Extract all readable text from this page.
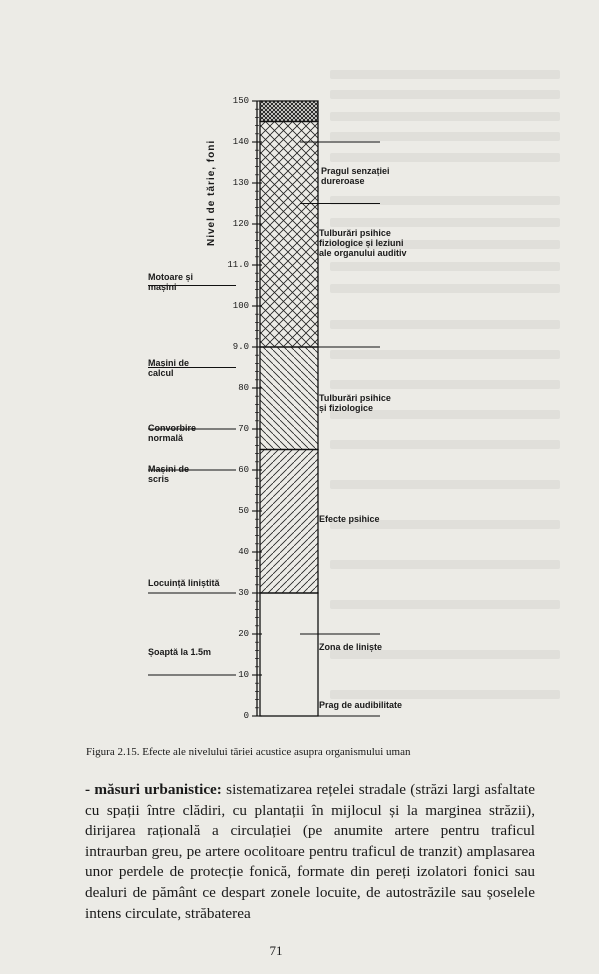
Nivel de tărie, foni
0
10
20
30
40
50
60
70
80
9.0
100
11.0
120
130
140
150
Motoare și
mașini
Mașini de
calcul
Convorbire
normală
Mașini de
scris
Locuință liniștită
Șoaptă la 1.5m
Pragul senzației
dureroase
Tulburări psihice
fiziologice și leziuni
ale organului auditiv
Tulburări psihice
și fiziologice
Efecte psihice
Zona de liniște
Prag de audibilitate
Figura 2.15. Efecte ale nivelului tăriei acustice asupra organismului uman
- măsuri urbanistice: sistematizarea rețelei stradale (străzi largi asfaltate cu spații între clădiri, cu plantații în mijlocul și la marginea străzii), dirijarea rațională a circulației (pe anumite artere pentru traficul intraurban greu, pe artere ocolitoare pentru traficul de tranzit) amplasarea unor perdele de protecție fonică, formate din pereți izolatori fonici sau dealuri de pământ ce despart zonele locuite, de autostrăzile sau șoselele intens circulate, străbaterea
71
